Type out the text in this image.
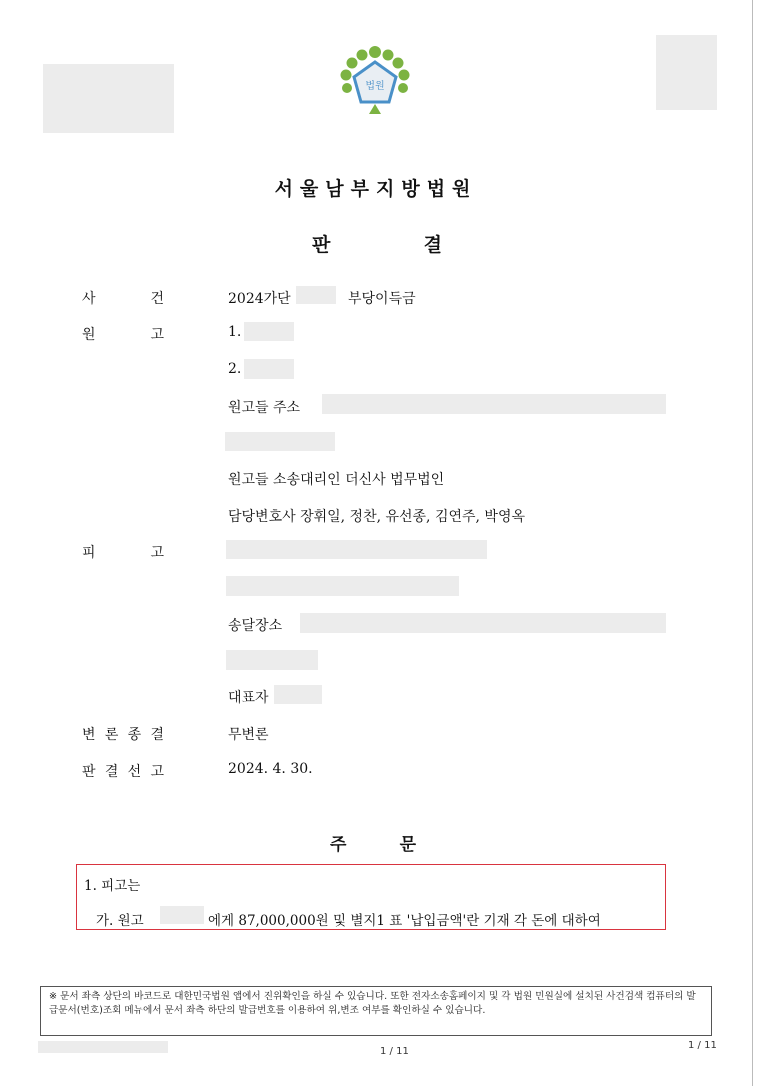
법원
서울남부지방법원
판	결
사	건	2024가단	부당이득금
원	고	1.
2.
원고들 주소
원고들 소송대리인 더신사 법무법인
담당변호사 장휘일, 정찬, 유선종, 김연주, 박영옥
피	고
송달장소
대표자
변 론 종 결	무변론
판 결 선 고	2024. 4. 30.
주	문
1. 피고는
가. 원고	에게 87,000,000원 및 별지1 표 '납입금액'란 기재 각 돈에 대하여
※ 문서 좌측 상단의 바코드로 대한민국법원 앱에서 진위확인을 하실 수 있습니다. 또한 전자소송홈페이지 및 각 법원 민원실에 설치된 사건검색 컴퓨터의 발급문서(번호)조회 메뉴에서 문서 좌측 하단의 발급번호를 이용하여 위,변조 여부를 확인하실 수 있습니다.
1 / 11
1 / 11
